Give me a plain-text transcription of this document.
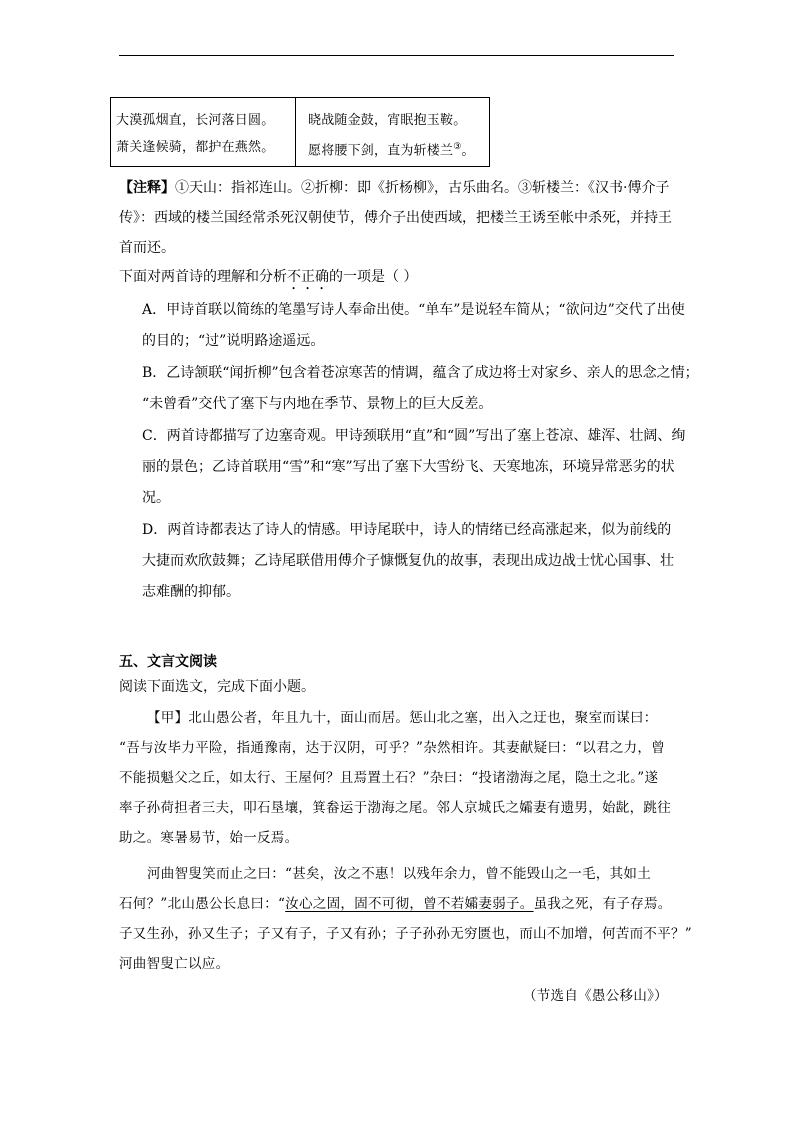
大漠孤烟直，长河落日圆。
萧关逢候骑，都护在燕然。
晓战随金鼓，宵眠抱玉鞍。
愿将腰下剑，直为斩楼兰③。
【注释】①天山：指祁连山。②折柳：即《折杨柳》，古乐曲名。③斩楼兰：《汉书·傅介子
传》：西域的楼兰国经常杀死汉朝使节，傅介子出使西域，把楼兰王诱至帐中杀死，并持王
首而还。
下面对两首诗的理解和分析不正确的一项是（ ）
A．甲诗首联以简练的笔墨写诗人奉命出使。“单车”是说轻车简从；“欲问边”交代了出使
的目的；“过”说明路途遥远。
B．乙诗颔联“闻折柳”包含着苍凉寒苦的情调，蕴含了成边将士对家乡、亲人的思念之情；
“未曾看”交代了塞下与内地在季节、景物上的巨大反差。
C．两首诗都描写了边塞奇观。甲诗颈联用“直”和“圆”写出了塞上苍凉、雄浑、壮阔、绚
丽的景色；乙诗首联用“雪”和“寒”写出了塞下大雪纷飞、天寒地冻，环境异常恶劣的状
况。
D．两首诗都表达了诗人的情感。甲诗尾联中，诗人的情绪已经高涨起来，似为前线的
大捷而欢欣鼓舞；乙诗尾联借用傅介子慷慨复仇的故事，表现出成边战士忧心国事、壮
志难酬的抑郁。
五、文言文阅读
阅读下面选文，完成下面小题。
【甲】北山愚公者，年且九十，面山而居。惩山北之塞，出入之迂也，聚室而谋曰：
“吾与汝毕力平险，指通豫南，达于汉阴，可乎？”杂然相许。其妻献疑曰：“以君之力，曾
不能损魁父之丘，如太行、王屋何？且焉置土石？”杂曰：“投诸渤海之尾，隐土之北。”遂
率子孙荷担者三夫，叩石垦壤，箕畚运于渤海之尾。邻人京城氏之孀妻有遗男，始龀，跳往
助之。寒暑易节，始一反焉。
河曲智叟笑而止之曰：“甚矣，汝之不惠！以残年余力，曾不能毁山之一毛，其如土
石何？”北山愚公长息曰：“汝心之固，固不可彻，曾不若孀妻弱子。虽我之死，有子存焉。
子又生孙，孙又生子；子又有子，子又有孙；子子孙孙无穷匮也，而山不加增，何苦而不平？”
河曲智叟亡以应。
（节选自《愚公移山》）
